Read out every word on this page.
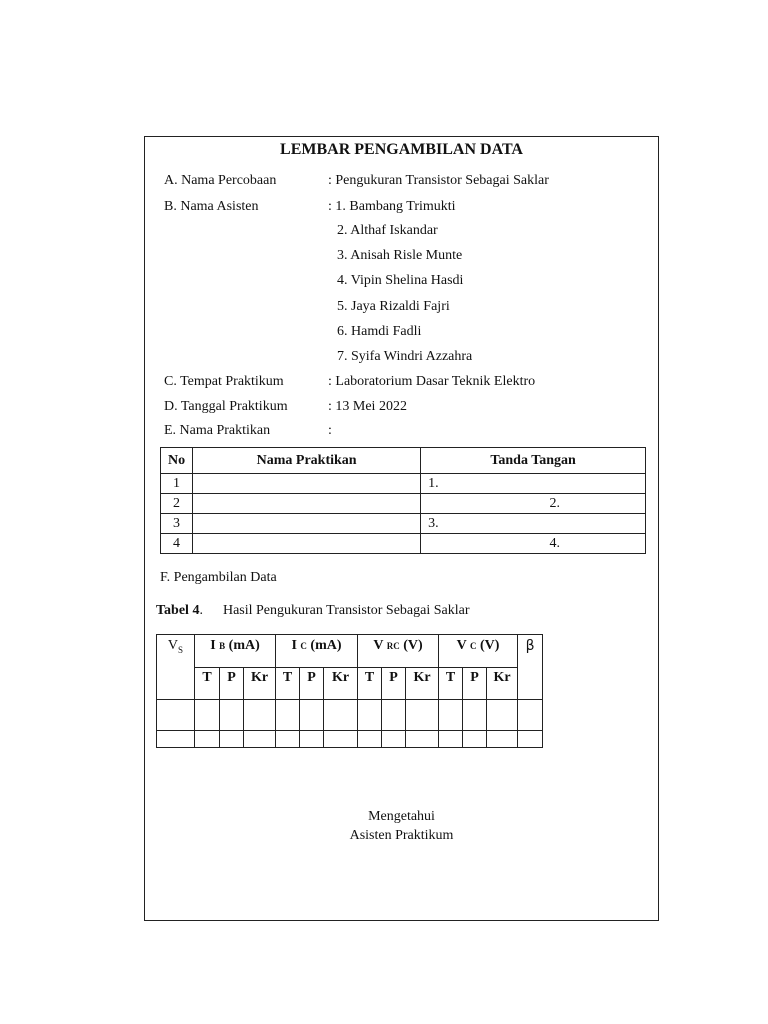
LEMBAR PENGAMBILAN DATA
A. Nama Percobaan	: Pengukuran Transistor Sebagai Saklar
B. Nama Asisten	: 1. Bambang Trimukti
2. Althaf Iskandar
3. Anisah Risle Munte
4. Vipin Shelina Hasdi
5. Jaya Rizaldi Fajri
6. Hamdi Fadli
7. Syifa Windri Azzahra
C. Tempat Praktikum	: Laboratorium Dasar Teknik Elektro
D. Tanggal Praktikum	: 13 Mei 2022
E. Nama Praktikan	:
No	Nama Praktikan	Tanda Tangan
1		1.
2		2.
3		3.
4		4.
F. Pengambilan Data
Tabel 4. Hasil Pengukuran Transistor Sebagai Saklar
$V_S$	I B (mA)			I C (mA)			V RC (V)			V C (V)			β
	T	P	Kr	T	P	Kr	T	P	Kr	T	P	Kr	

Mengetahui
Asisten Praktikum
